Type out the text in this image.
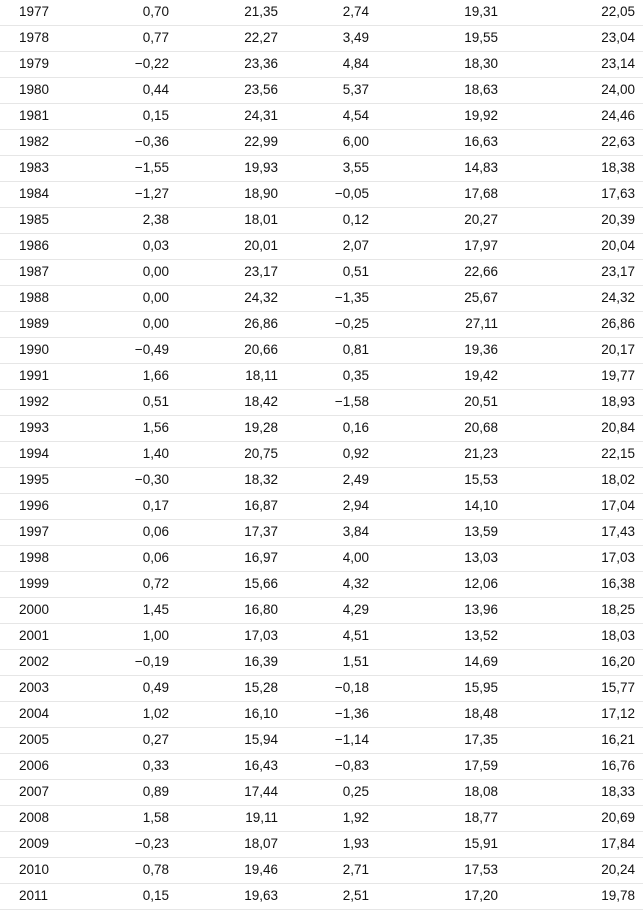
1977	0,70	21,35	2,74	19,31	22,05
1978	0,77	22,27	3,49	19,55	23,04
1979	−0,22	23,36	4,84	18,30	23,14
1980	0,44	23,56	5,37	18,63	24,00
1981	0,15	24,31	4,54	19,92	24,46
1982	−0,36	22,99	6,00	16,63	22,63
1983	−1,55	19,93	3,55	14,83	18,38
1984	−1,27	18,90	−0,05	17,68	17,63
1985	2,38	18,01	0,12	20,27	20,39
1986	0,03	20,01	2,07	17,97	20,04
1987	0,00	23,17	0,51	22,66	23,17
1988	0,00	24,32	−1,35	25,67	24,32
1989	0,00	26,86	−0,25	27,11	26,86
1990	−0,49	20,66	0,81	19,36	20,17
1991	1,66	18,11	0,35	19,42	19,77
1992	0,51	18,42	−1,58	20,51	18,93
1993	1,56	19,28	0,16	20,68	20,84
1994	1,40	20,75	0,92	21,23	22,15
1995	−0,30	18,32	2,49	15,53	18,02
1996	0,17	16,87	2,94	14,10	17,04
1997	0,06	17,37	3,84	13,59	17,43
1998	0,06	16,97	4,00	13,03	17,03
1999	0,72	15,66	4,32	12,06	16,38
2000	1,45	16,80	4,29	13,96	18,25
2001	1,00	17,03	4,51	13,52	18,03
2002	−0,19	16,39	1,51	14,69	16,20
2003	0,49	15,28	−0,18	15,95	15,77
2004	1,02	16,10	−1,36	18,48	17,12
2005	0,27	15,94	−1,14	17,35	16,21
2006	0,33	16,43	−0,83	17,59	16,76
2007	0,89	17,44	0,25	18,08	18,33
2008	1,58	19,11	1,92	18,77	20,69
2009	−0,23	18,07	1,93	15,91	17,84
2010	0,78	19,46	2,71	17,53	20,24
2011	0,15	19,63	2,51	17,20	19,78
